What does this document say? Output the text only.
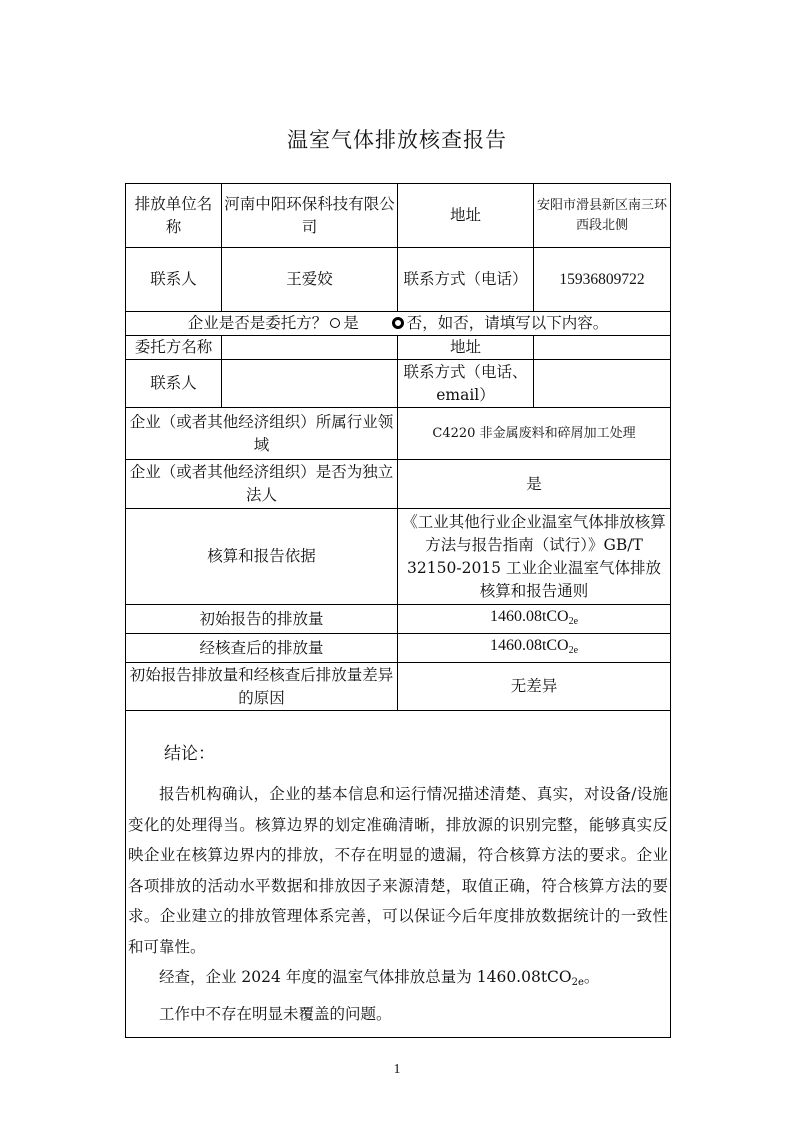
温室气体排放核查报告
排放单位名称	河南中阳环保科技有限公司	地址	安阳市滑县新区南三环西段北侧
联系人	王爱姣	联系方式（电话）	15936809722
企业是否是委托方？ 是 否，如否，请填写以下内容。			
委托方名称		地址	
联系人		联系方式（电话、email）	
企业（或者其他经济组织）所属行业领域		C4220 非金属废料和碎屑加工处理	
企业（或者其他经济组织）是否为独立法人		是	
核算和报告依据		《工业其他行业企业温室气体排放核算方法与报告指南（试行）》GB/T 32150-2015 工业企业温室气体排放核算和报告通则	
初始报告的排放量		1460.08tCO$_{2e}$
经核查后的排放量		1460.08tCO$_{2e}$
初始报告排放量和经核查后排放量差异的原因		无差异	

结论：

报告机构确认，企业的基本信息和运行情况描述清楚、真实，对设备/设施变化的处理得当。核算边界的划定准确清晰，排放源的识别完整，能够真实反映企业在核算边界内的排放，不存在明显的遗漏，符合核算方法的要求。企业各项排放的活动水平数据和排放因子来源清楚，取值正确，符合核算方法的要求。企业建立的排放管理体系完善，可以保证今后年度排放数据统计的一致性和可靠性。

经查，企业 2024 年度的温室气体排放总量为 1460.08tCO$_{2e}$。

工作中不存在明显未覆盖的问题。			

1
